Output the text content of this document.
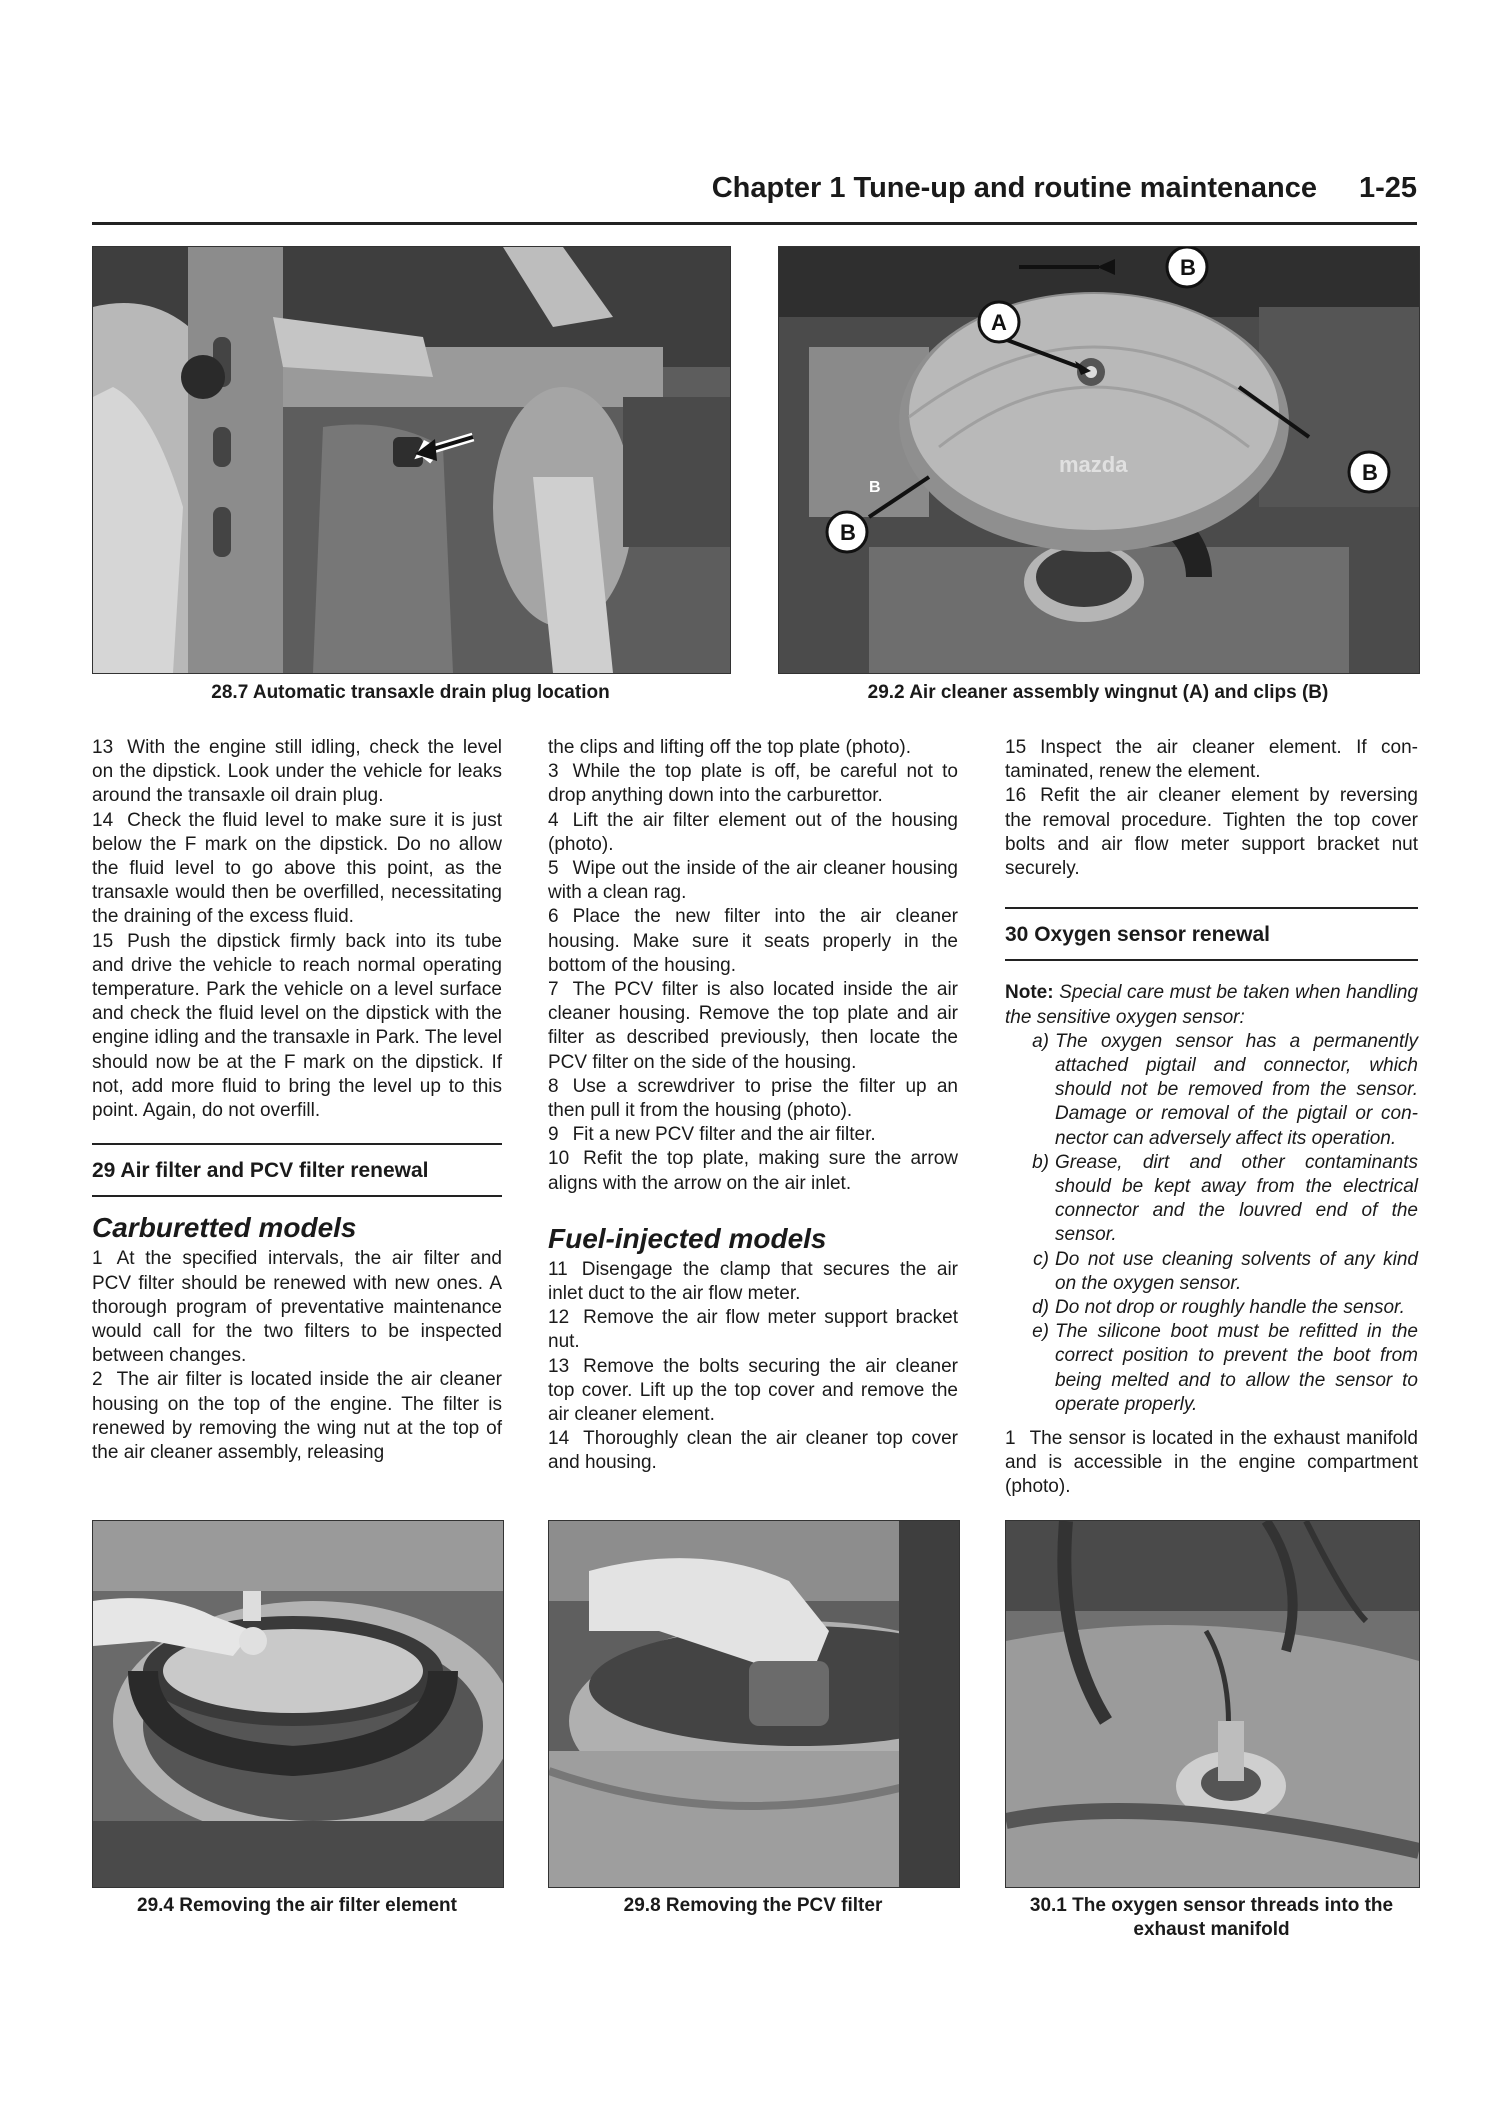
Chapter 1 Tune-up and routine maintenance 1-25
28.7 Automatic transaxle drain plug location
mazda
B
A
B
B
B
29.2 Air cleaner assembly wingnut (A) and clips (B)

13 With the engine still idling, check the level on the dipstick. Look under the vehicle for leaks around the transaxle oil drain plug.

14 Check the fluid level to make sure it is just below the F mark on the dipstick. Do no allow the fluid level to go above this point, as the transaxle would then be overfilled, necessitating the draining of the excess fluid.

15 Push the dipstick firmly back into its tube and drive the vehicle to reach normal operating temperature. Park the vehicle on a level surface and check the fluid level on the dipstick with the engine idling and the transaxle in Park. The level should now be at the F mark on the dipstick. If not, add more fluid to bring the level up to this point. Again, do not overfill.

29 Air filter and PCV filter renewal
Carburetted models

1 At the specified intervals, the air filter and PCV filter should be renewed with new ones. A thorough program of preventative maintenance would call for the two filters to be inspected between changes.

2 The air filter is located inside the air cleaner housing on the top of the engine. The filter is renewed by removing the wing nut at the top of the air cleaner assembly, releasing

the clips and lifting off the top plate (photo).

3 While the top plate is off, be careful not to drop anything down into the carburettor.

4 Lift the air filter element out of the housing (photo).

5 Wipe out the inside of the air cleaner housing with a clean rag.

6 Place the new filter into the air cleaner housing. Make sure it seats properly in the bottom of the housing.

7 The PCV filter is also located inside the air cleaner housing. Remove the top plate and air filter as described previously, then locate the PCV filter on the side of the housing.

8 Use a screwdriver to prise the filter up an then pull it from the housing (photo).

9 Fit a new PCV filter and the air filter.

10 Refit the top plate, making sure the arrow aligns with the arrow on the air inlet.

Fuel-injected models

11 Disengage the clamp that secures the air inlet duct to the air flow meter.

12 Remove the air flow meter support bracket nut.

13 Remove the bolts securing the air cleaner top cover. Lift up the top cover and remove the air cleaner element.

14 Thoroughly clean the air cleaner top cover and housing.

15 Inspect the air cleaner element. If contaminated, renew the element.

16 Refit the air cleaner element by reversing the removal procedure. Tighten the top cover bolts and air flow meter support bracket nut securely.

30 Oxygen sensor renewal

Note: Special care must be taken when handling the sensitive oxygen sensor:

a) The oxygen sensor has a permanently attached pigtail and connector, which should not be removed from the sensor. Damage or removal of the pigtail or connector can adversely affect its operation.
b) Grease, dirt and other contaminants should be kept away from the electrical connector and the louvred end of the sensor.
c) Do not use cleaning solvents of any kind on the oxygen sensor.
d) Do not drop or roughly handle the sensor.
e) The silicone boot must be refitted in the correct position to prevent the boot from being melted and to allow the sensor to operate properly.

1 The sensor is located in the exhaust manifold and is accessible in the engine compartment (photo).

29.4 Removing the air filter element	29.8 Removing the PCV filter	30.1 The oxygen sensor threads into the exhaust manifold
